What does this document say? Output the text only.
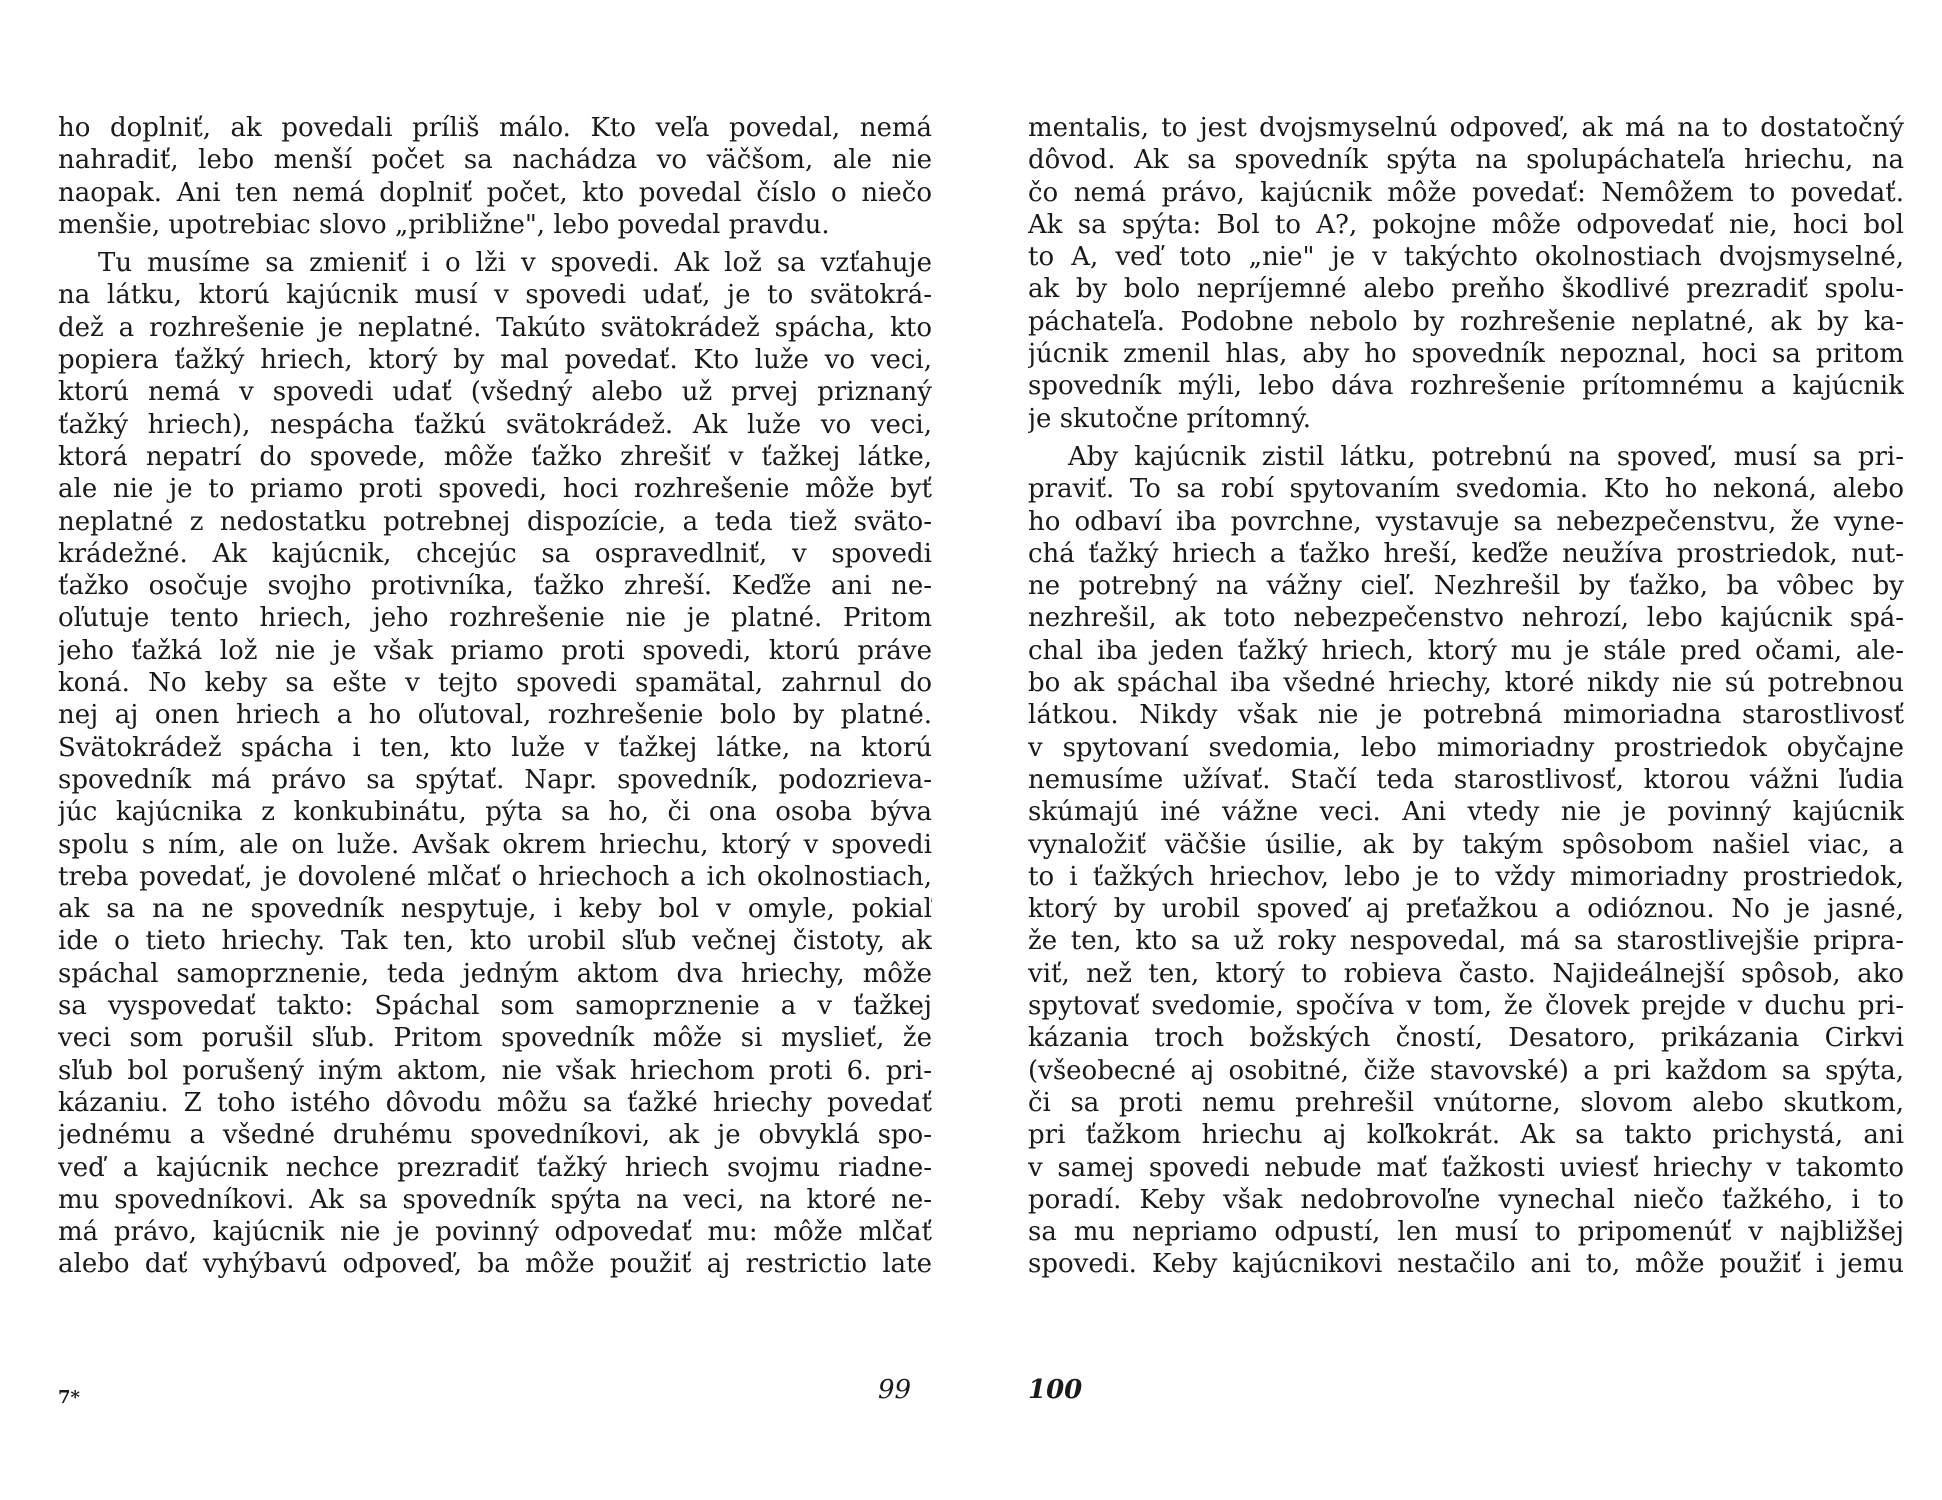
ho doplniť, ak povedali príliš málo. Kto veľa povedal, nemá
nahradiť, lebo menší počet sa nachádza vo väčšom, ale nie
naopak. Ani ten nemá doplniť počet, kto povedal číslo o niečo
menšie, upotrebiac slovo „približne", lebo povedal pravdu.
Tu musíme sa zmieniť i o lži v spovedi. Ak lož sa vzťahuje
na látku, ktorú kajúcnik musí v spovedi udať, je to svätokrá-
dež a rozhrešenie je neplatné. Takúto svätokrádež spácha, kto
popiera ťažký hriech, ktorý by mal povedať. Kto luže vo veci,
ktorú nemá v spovedi udať (všedný alebo už prvej priznaný
ťažký hriech), nespácha ťažkú svätokrádež. Ak luže vo veci,
ktorá nepatrí do spovede, môže ťažko zhrešiť v ťažkej látke,
ale nie je to priamo proti spovedi, hoci rozhrešenie môže byť
neplatné z nedostatku potrebnej dispozície, a teda tiež sväto-
krádežné. Ak kajúcnik, chcejúc sa ospravedlniť, v spovedi
ťažko osočuje svojho protivníka, ťažko zhreší. Keďže ani ne-
oľutuje tento hriech, jeho rozhrešenie nie je platné. Pritom
jeho ťažká lož nie je však priamo proti spovedi, ktorú práve
koná. No keby sa ešte v tejto spovedi spamätal, zahrnul do
nej aj onen hriech a ho oľutoval, rozhrešenie bolo by platné.
Svätokrádež spácha i ten, kto luže v ťažkej látke, na ktorú
spovedník má právo sa spýtať. Napr. spovedník, podozrieva-
júc kajúcnika z konkubinátu, pýta sa ho, či ona osoba býva
spolu s ním, ale on luže. Avšak okrem hriechu, ktorý v spovedi
treba povedať, je dovolené mlčať o hriechoch a ich okolnostiach,
ak sa na ne spovedník nespytuje, i keby bol v omyle, pokiaľ
ide o tieto hriechy. Tak ten, kto urobil sľub večnej čistoty, ak
spáchal samoprznenie, teda jedným aktom dva hriechy, môže
sa vyspovedať takto: Spáchal som samoprznenie a v ťažkej
veci som porušil sľub. Pritom spovedník môže si myslieť, že
sľub bol porušený iným aktom, nie však hriechom proti 6. pri-
kázaniu. Z toho istého dôvodu môžu sa ťažké hriechy povedať
jednému a všedné druhému spovedníkovi, ak je obvyklá spo-
veď a kajúcnik nechce prezradiť ťažký hriech svojmu riadne-
mu spovedníkovi. Ak sa spovedník spýta na veci, na ktoré ne-
má právo, kajúcnik nie je povinný odpovedať mu: môže mlčať
alebo dať vyhýbavú odpoveď, ba môže použiť aj restrictio late
mentalis, to jest dvojsmyselnú odpoveď, ak má na to dostatočný
dôvod. Ak sa spovedník spýta na spolupáchateľa hriechu, na
čo nemá právo, kajúcnik môže povedať: Nemôžem to povedať.
Ak sa spýta: Bol to A?, pokojne môže odpovedať nie, hoci bol
to A, veď toto „nie" je v takýchto okolnostiach dvojsmyselné,
ak by bolo nepríjemné alebo preňho škodlivé prezradiť spolu-
páchateľa. Podobne nebolo by rozhrešenie neplatné, ak by ka-
júcnik zmenil hlas, aby ho spovedník nepoznal, hoci sa pritom
spovedník mýli, lebo dáva rozhrešenie prítomnému a kajúcnik
je skutočne prítomný.
Aby kajúcnik zistil látku, potrebnú na spoveď, musí sa pri-
praviť. To sa robí spytovaním svedomia. Kto ho nekoná, alebo
ho odbaví iba povrchne, vystavuje sa nebezpečenstvu, že vyne-
chá ťažký hriech a ťažko hreší, keďže neužíva prostriedok, nut-
ne potrebný na vážny cieľ. Nezhrešil by ťažko, ba vôbec by
nezhrešil, ak toto nebezpečenstvo nehrozí, lebo kajúcnik spá-
chal iba jeden ťažký hriech, ktorý mu je stále pred očami, ale-
bo ak spáchal iba všedné hriechy, ktoré nikdy nie sú potrebnou
látkou. Nikdy však nie je potrebná mimoriadna starostlivosť
v spytovaní svedomia, lebo mimoriadny prostriedok obyčajne
nemusíme užívať. Stačí teda starostlivosť, ktorou vážni ľudia
skúmajú iné vážne veci. Ani vtedy nie je povinný kajúcnik
vynaložiť väčšie úsilie, ak by takým spôsobom našiel viac, a
to i ťažkých hriechov, lebo je to vždy mimoriadny prostriedok,
ktorý by urobil spoveď aj preťažkou a odióznou. No je jasné,
že ten, kto sa už roky nespovedal, má sa starostlivejšie pripra-
viť, než ten, ktorý to robieva často. Najideálnejší spôsob, ako
spytovať svedomie, spočíva v tom, že človek prejde v duchu pri-
kázania troch božských čností, Desatoro, prikázania Cirkvi
(všeobecné aj osobitné, čiže stavovské) a pri každom sa spýta,
či sa proti nemu prehrešil vnútorne, slovom alebo skutkom,
pri ťažkom hriechu aj koľkokrát. Ak sa takto prichystá, ani
v samej spovedi nebude mať ťažkosti uviesť hriechy v takomto
poradí. Keby však nedobrovoľne vynechal niečo ťažkého, i to
sa mu nepriamo odpustí, len musí to pripomenúť v najbližšej
spovedi. Keby kajúcnikovi nestačilo ani to, môže použiť i jemu
7*	99	100
